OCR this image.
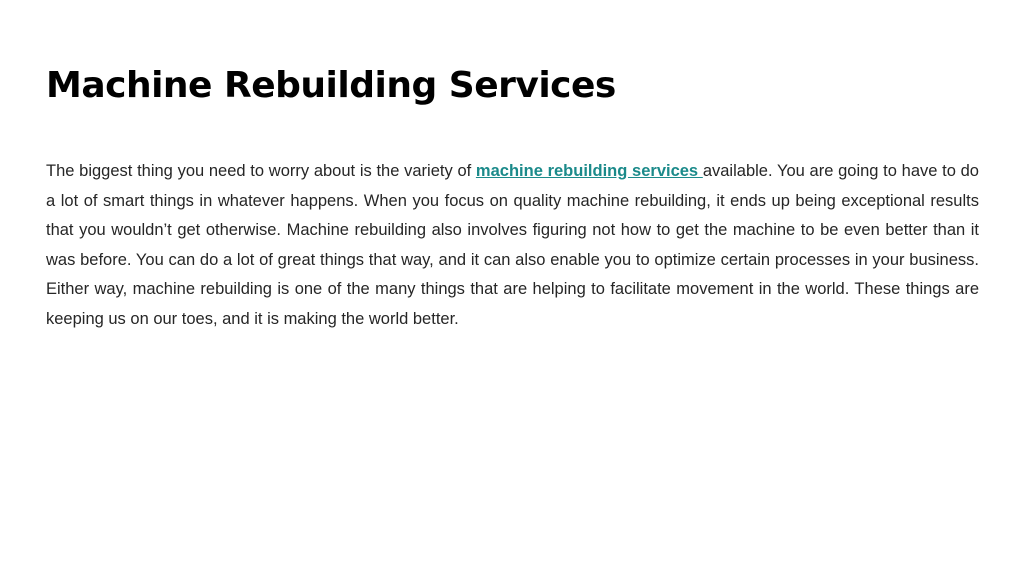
Machine Rebuilding Services

The biggest thing you need to worry about is the variety of machine rebuilding services available. You are going to have to do a lot of smart things in whatever happens. When you focus on quality machine rebuilding, it ends up being exceptional results that you wouldn’t get otherwise. Machine rebuilding also involves figuring not how to get the machine to be even better than it was before. You can do a lot of great things that way, and it can also enable you to optimize certain processes in your business. Either way, machine rebuilding is one of the many things that are helping to facilitate movement in the world. These things are keeping us on our toes, and it is making the world better.
